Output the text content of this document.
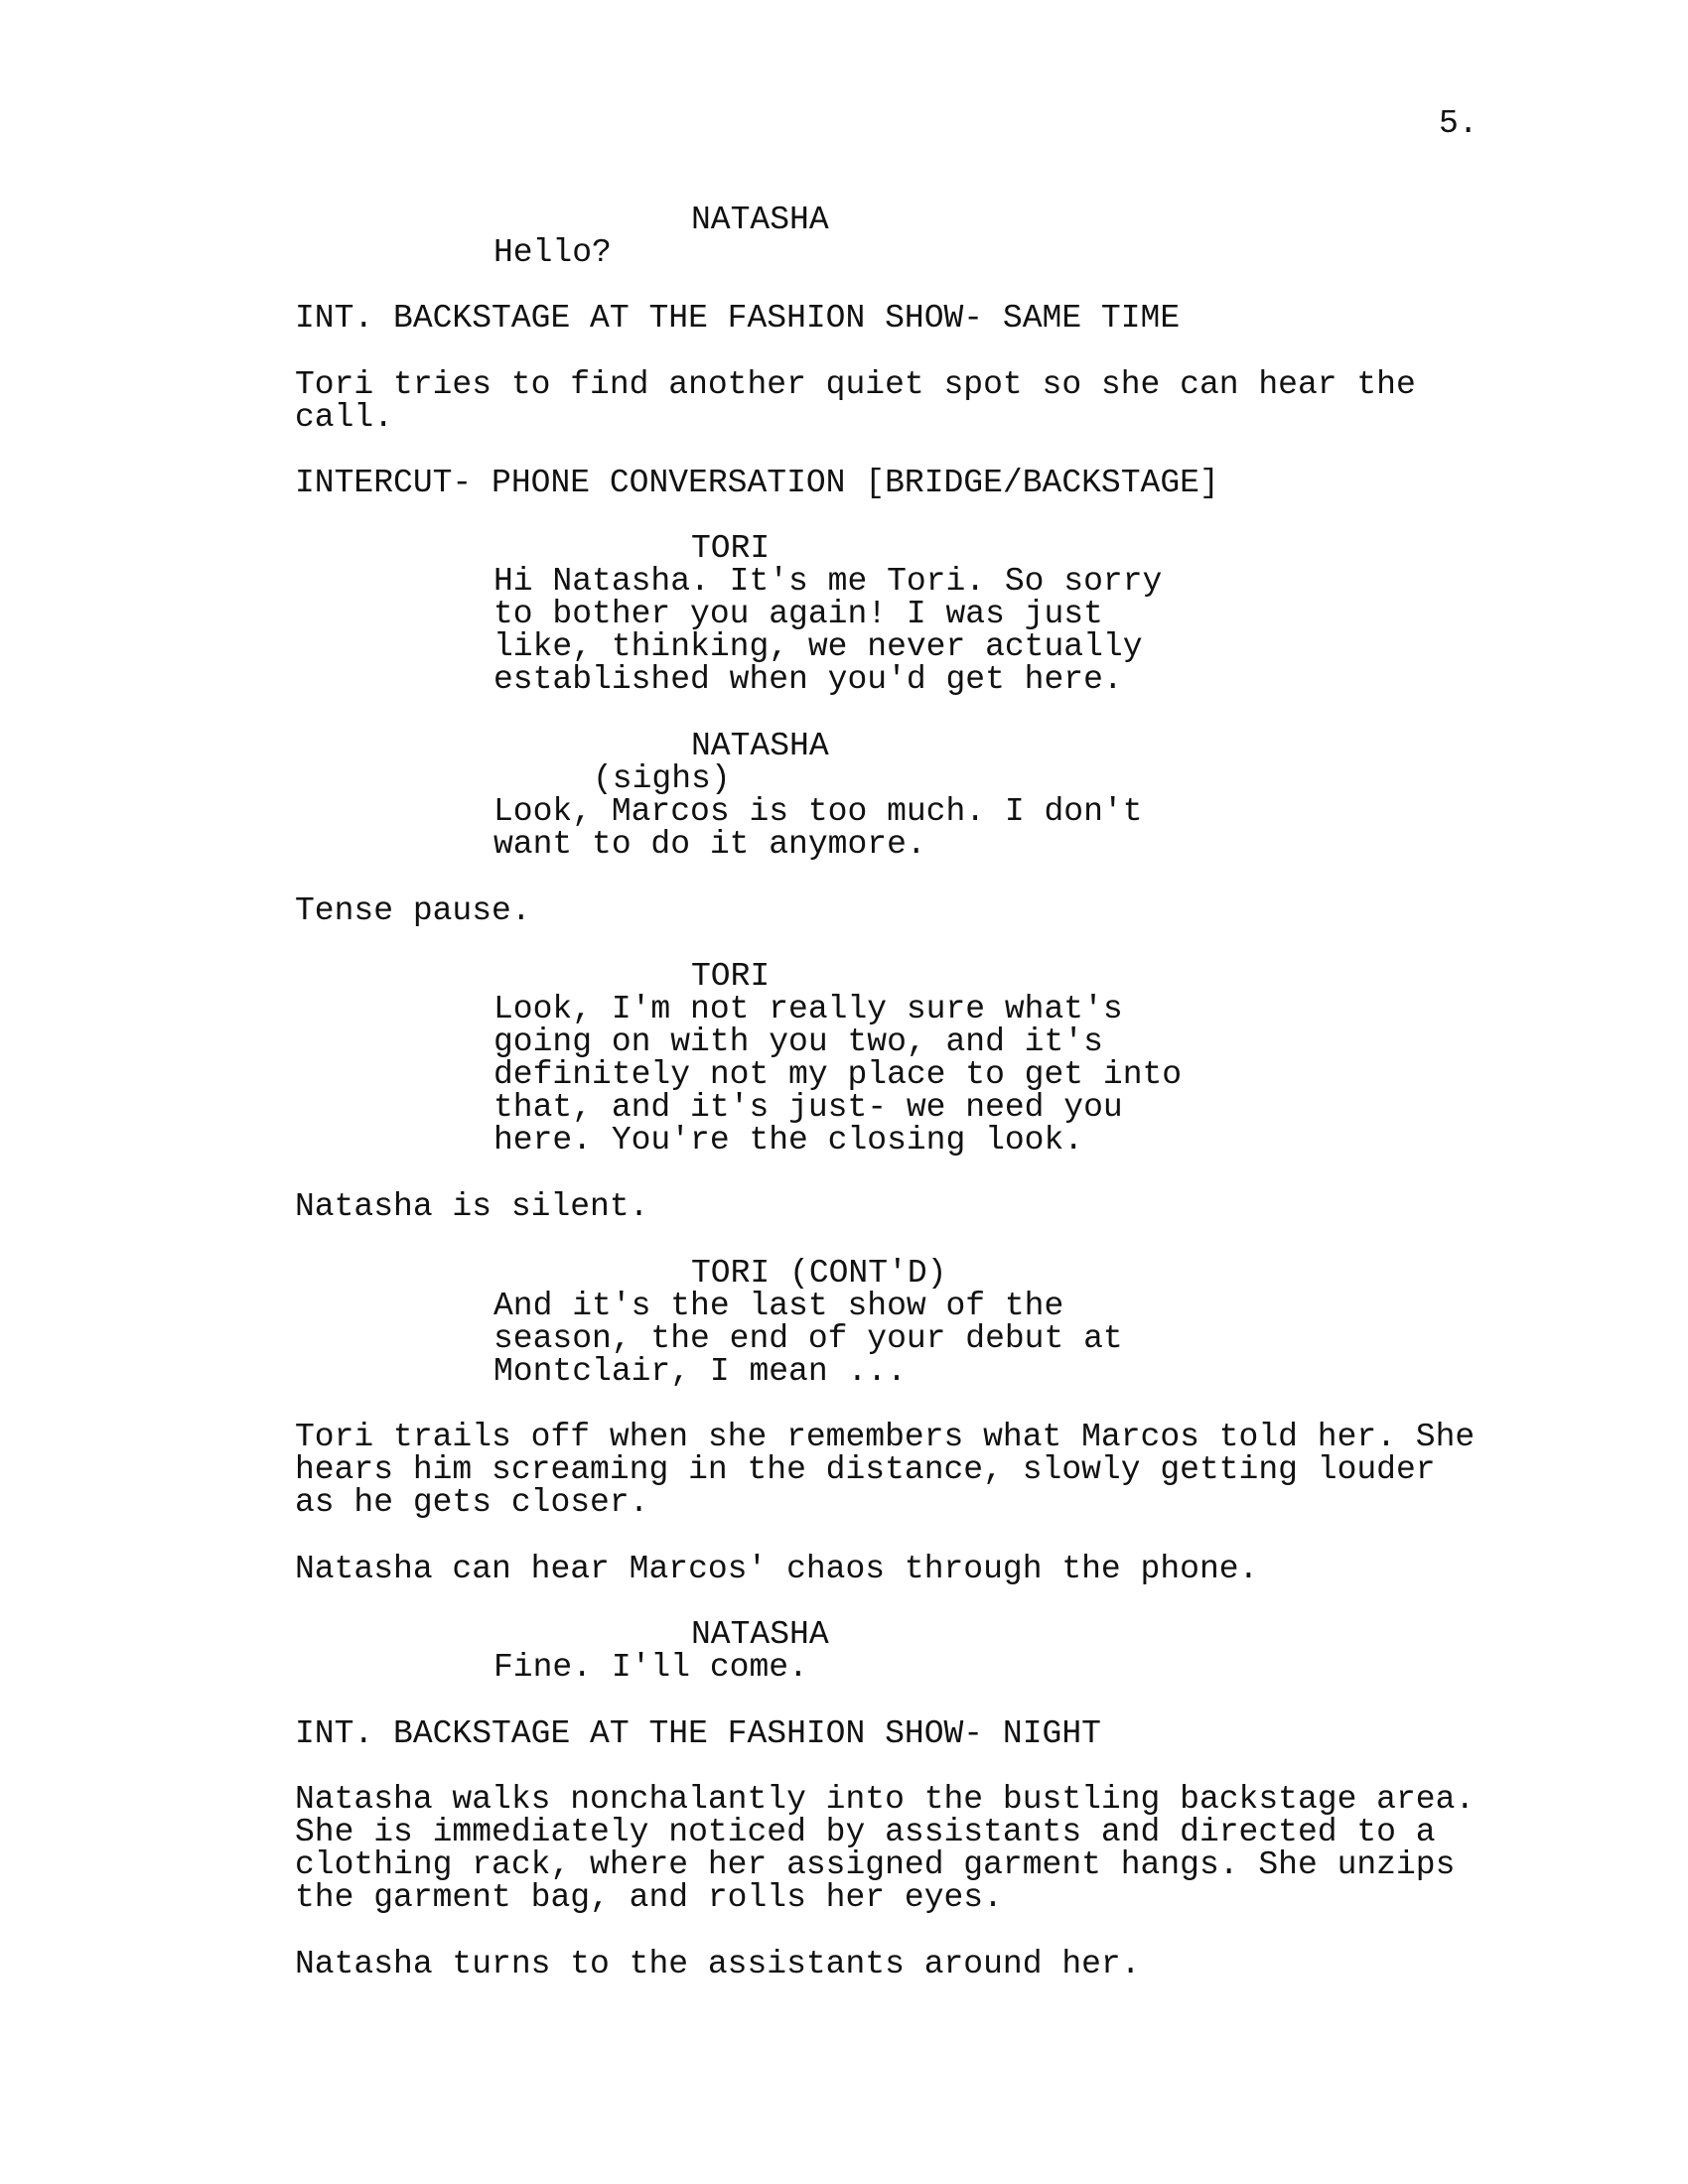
5.
NATASHA
Hello?
INT. BACKSTAGE AT THE FASHION SHOW- SAME TIME
Tori tries to find another quiet spot so she can hear the
call.
INTERCUT- PHONE CONVERSATION [BRIDGE/BACKSTAGE]
TORI
Hi Natasha. It's me Tori. So sorry
to bother you again! I was just
like, thinking, we never actually
established when you'd get here.
NATASHA
(sighs)
Look, Marcos is too much. I don't
want to do it anymore.
Tense pause.
TORI
Look, I'm not really sure what's
going on with you two, and it's
definitely not my place to get into
that, and it's just- we need you
here. You're the closing look.
Natasha is silent.
TORI (CONT'D)
And it's the last show of the
season, the end of your debut at
Montclair, I mean ...
Tori trails off when she remembers what Marcos told her. She
hears him screaming in the distance, slowly getting louder
as he gets closer.
Natasha can hear Marcos' chaos through the phone.
NATASHA
Fine. I'll come.
INT. BACKSTAGE AT THE FASHION SHOW- NIGHT
Natasha walks nonchalantly into the bustling backstage area.
She is immediately noticed by assistants and directed to a
clothing rack, where her assigned garment hangs. She unzips
the garment bag, and rolls her eyes.
Natasha turns to the assistants around her.
